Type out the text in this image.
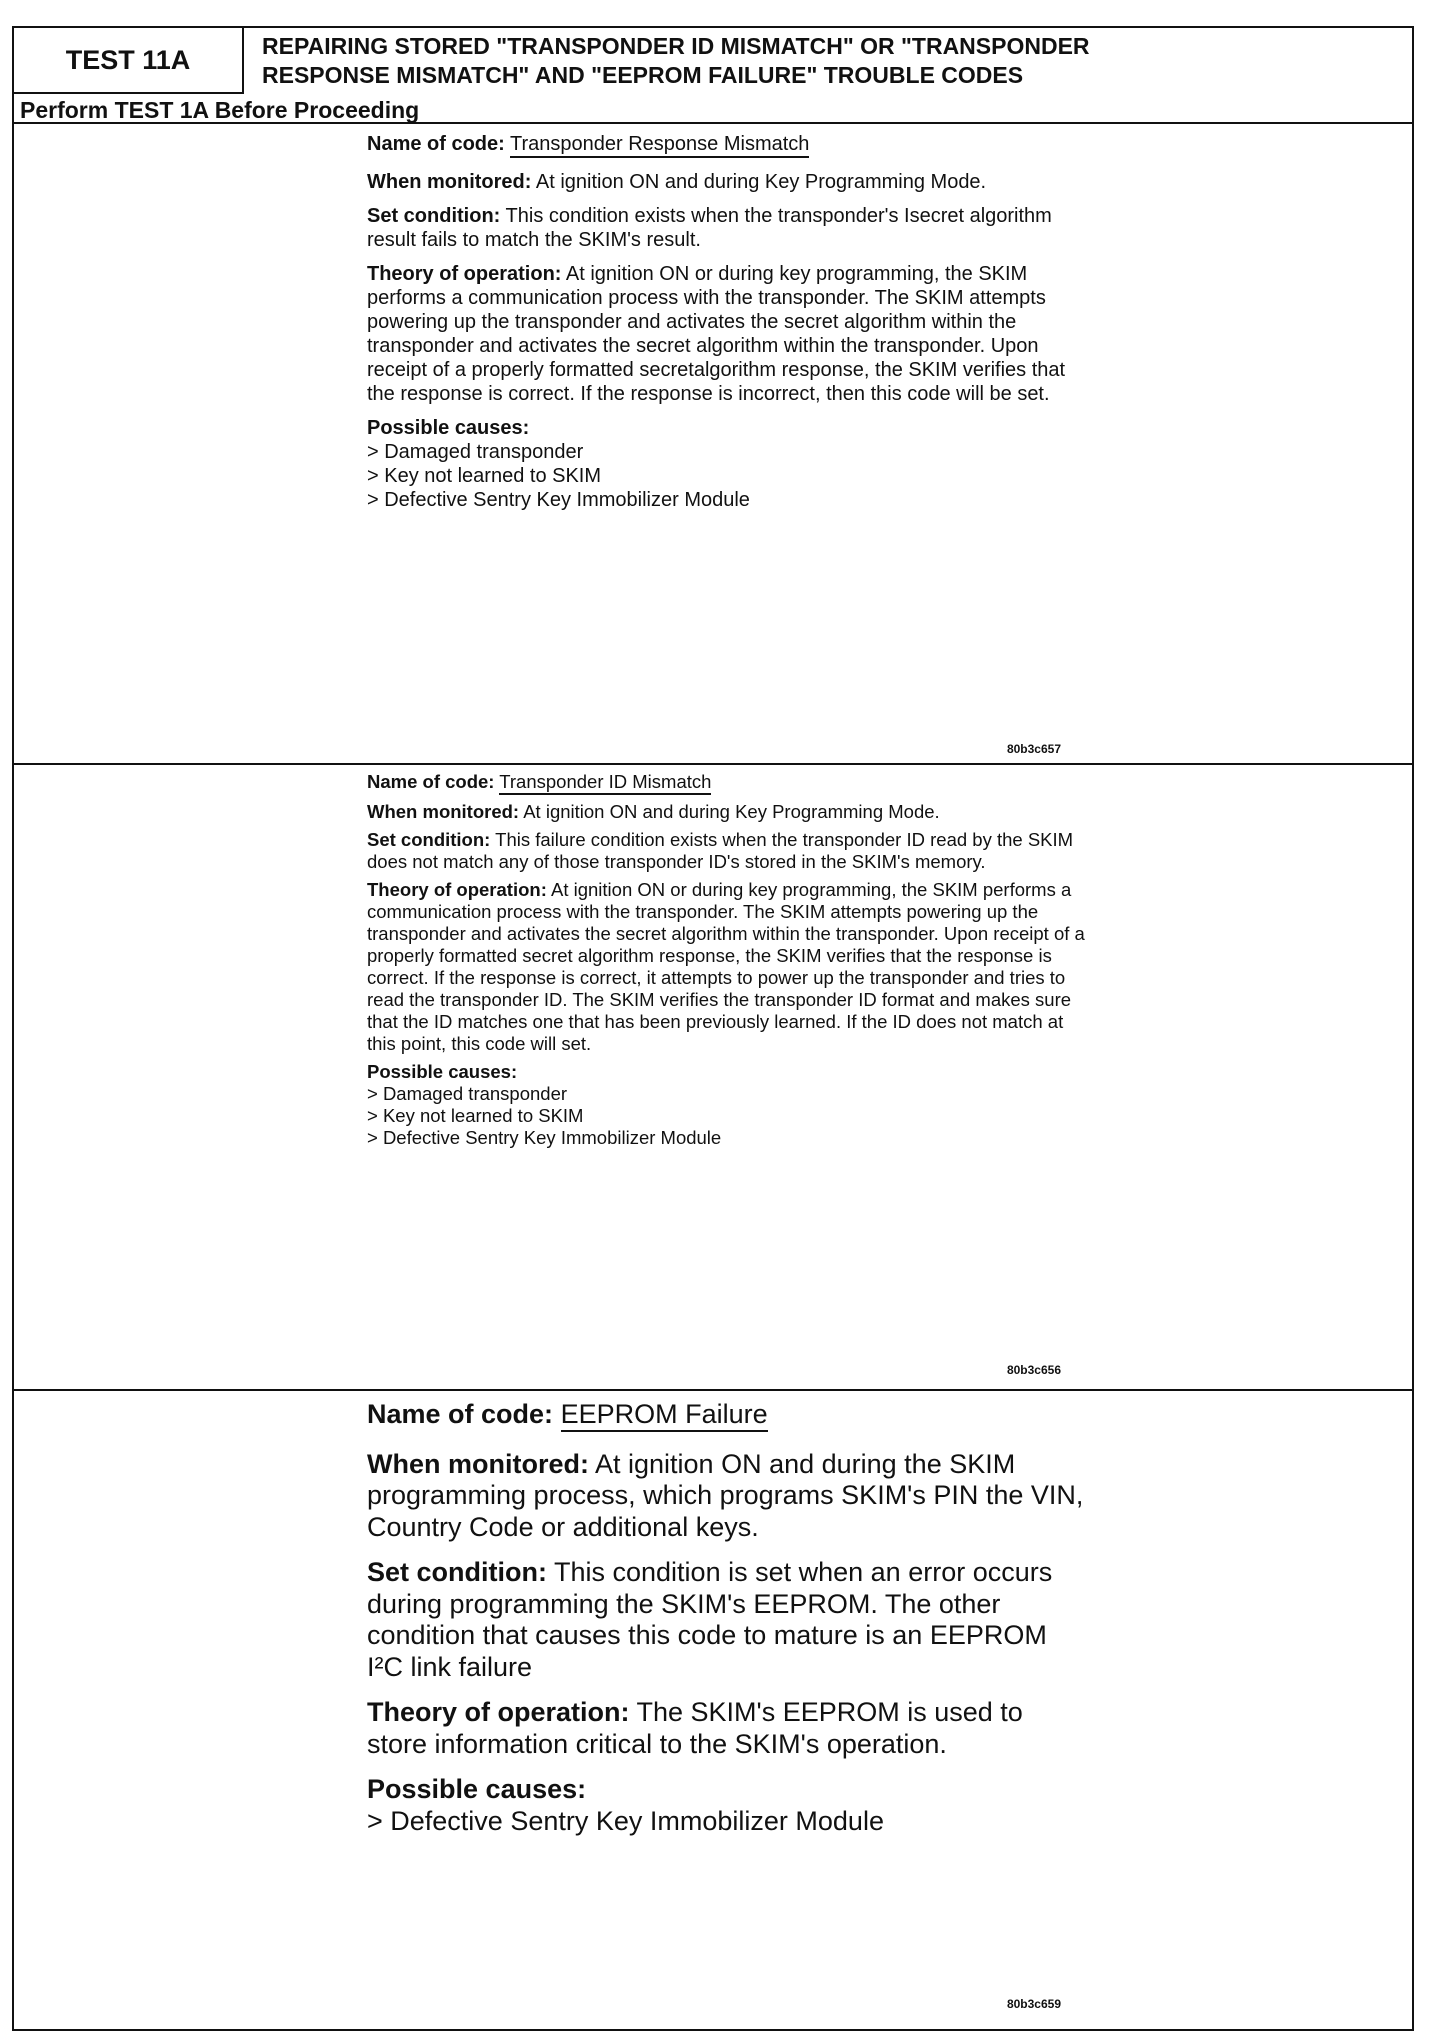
TEST 11A	REPAIRING STORED "TRANSPONDER ID MISMATCH" OR "TRANSPONDER
RESPONSE MISMATCH" AND "EEPROM FAILURE" TROUBLE CODES
Perform TEST 1A Before Proceeding
Name of code: Transponder Response Mismatch
When monitored: At ignition ON and during Key Programming Mode.
Set condition: This condition exists when the transponder's Isecret algorithm result fails to match the SKIM's result.
Theory of operation: At ignition ON or during key programming, the SKIM performs a communication process with the transponder. The SKIM attempts powering up the transponder and activates the secret algorithm within the transponder and activates the secret algorithm within the transponder. Upon receipt of a properly formatted secretalgorithm response, the SKIM verifies that the response is correct. If the response is incorrect, then this code will be set.
Possible causes:
> Damaged transponder
> Key not learned to SKIM
> Defective Sentry Key Immobilizer Module
80b3c657
Name of code: Transponder ID Mismatch
When monitored: At ignition ON and during Key Programming Mode.
Set condition: This failure condition exists when the transponder ID read by the SKIM does not match any of those transponder ID's stored in the SKIM's memory.
Theory of operation: At ignition ON or during key programming, the SKIM performs a communication process with the transponder. The SKIM attempts powering up the transponder and activates the secret algorithm within the transponder. Upon receipt of a properly formatted secret algorithm response, the SKIM verifies that the response is correct. If the response is correct, it attempts to power up the transponder and tries to read the transponder ID. The SKIM verifies the transponder ID format and makes sure that the ID matches one that has been previously learned. If the ID does not match at this point, this code will set.
Possible causes:
> Damaged transponder
> Key not learned to SKIM
> Defective Sentry Key Immobilizer Module
80b3c656
Name of code: EEPROM Failure
When monitored: At ignition ON and during the SKIM programming process, which programs SKIM's PIN the VIN, Country Code or additional keys.
Set condition: This condition is set when an error occurs during programming the SKIM's EEPROM. The other condition that causes this code to mature is an EEPROM I²C link failure
Theory of operation: The SKIM's EEPROM is used to store information critical to the SKIM's operation.
Possible causes:
> Defective Sentry Key Immobilizer Module
80b3c659
